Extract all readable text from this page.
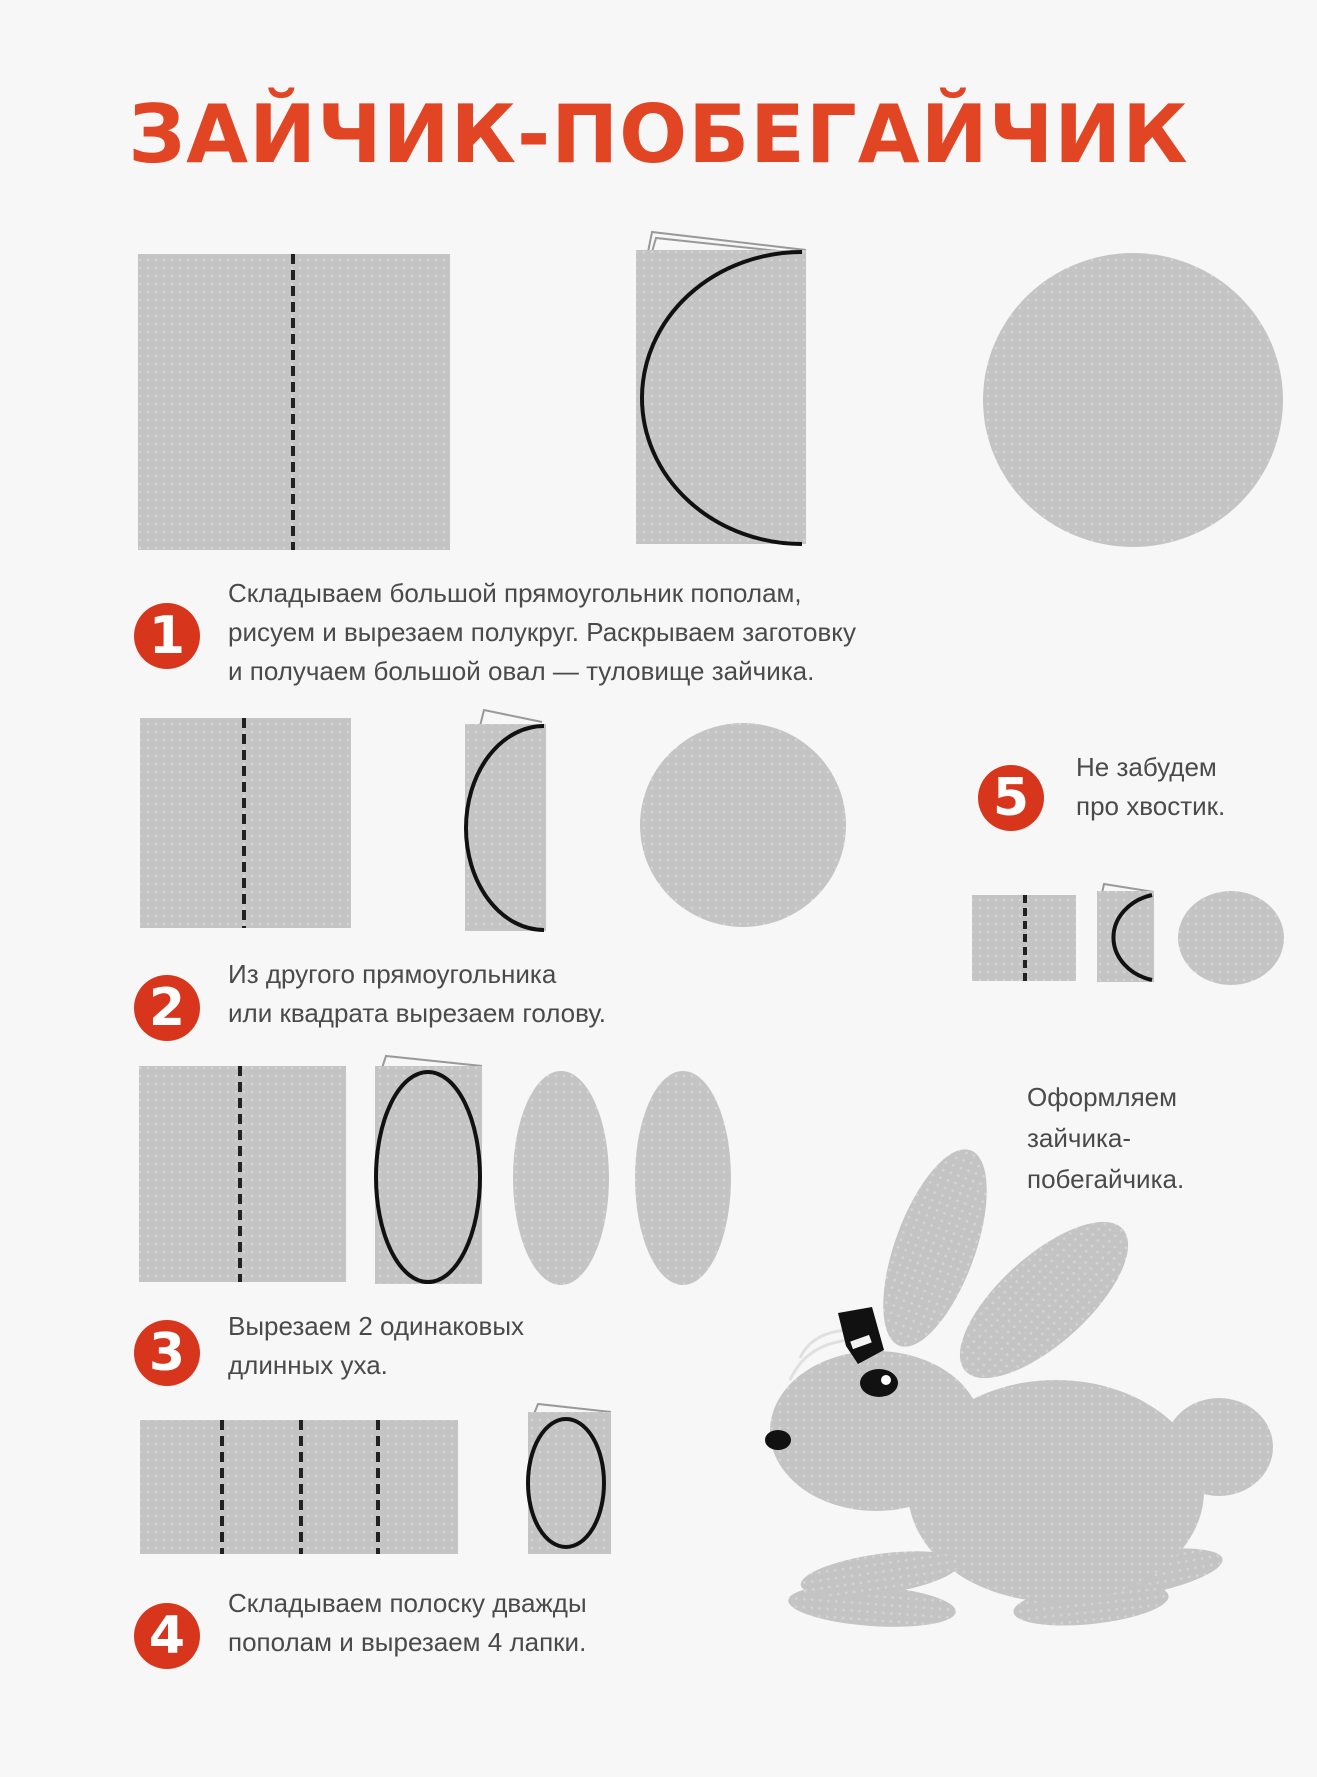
ЗАЙЧИК-ПОБЕГАЙЧИК
1

Складываем большой прямоугольник пополам,
рисуем и вырезаем полукруг. Раскрываем заготовку
и получаем большой овал — туловище зайчика.

2

Из другого прямоугольника
или квадрата вырезаем голову.

3	Вырезаем 2 одинаковых
длинных уха.

4

Складываем полоску дважды
пополам и вырезаем 4 лапки.

5

Не забудем
про хвостик.

Оформляем
зайчика-
побегайчика.
